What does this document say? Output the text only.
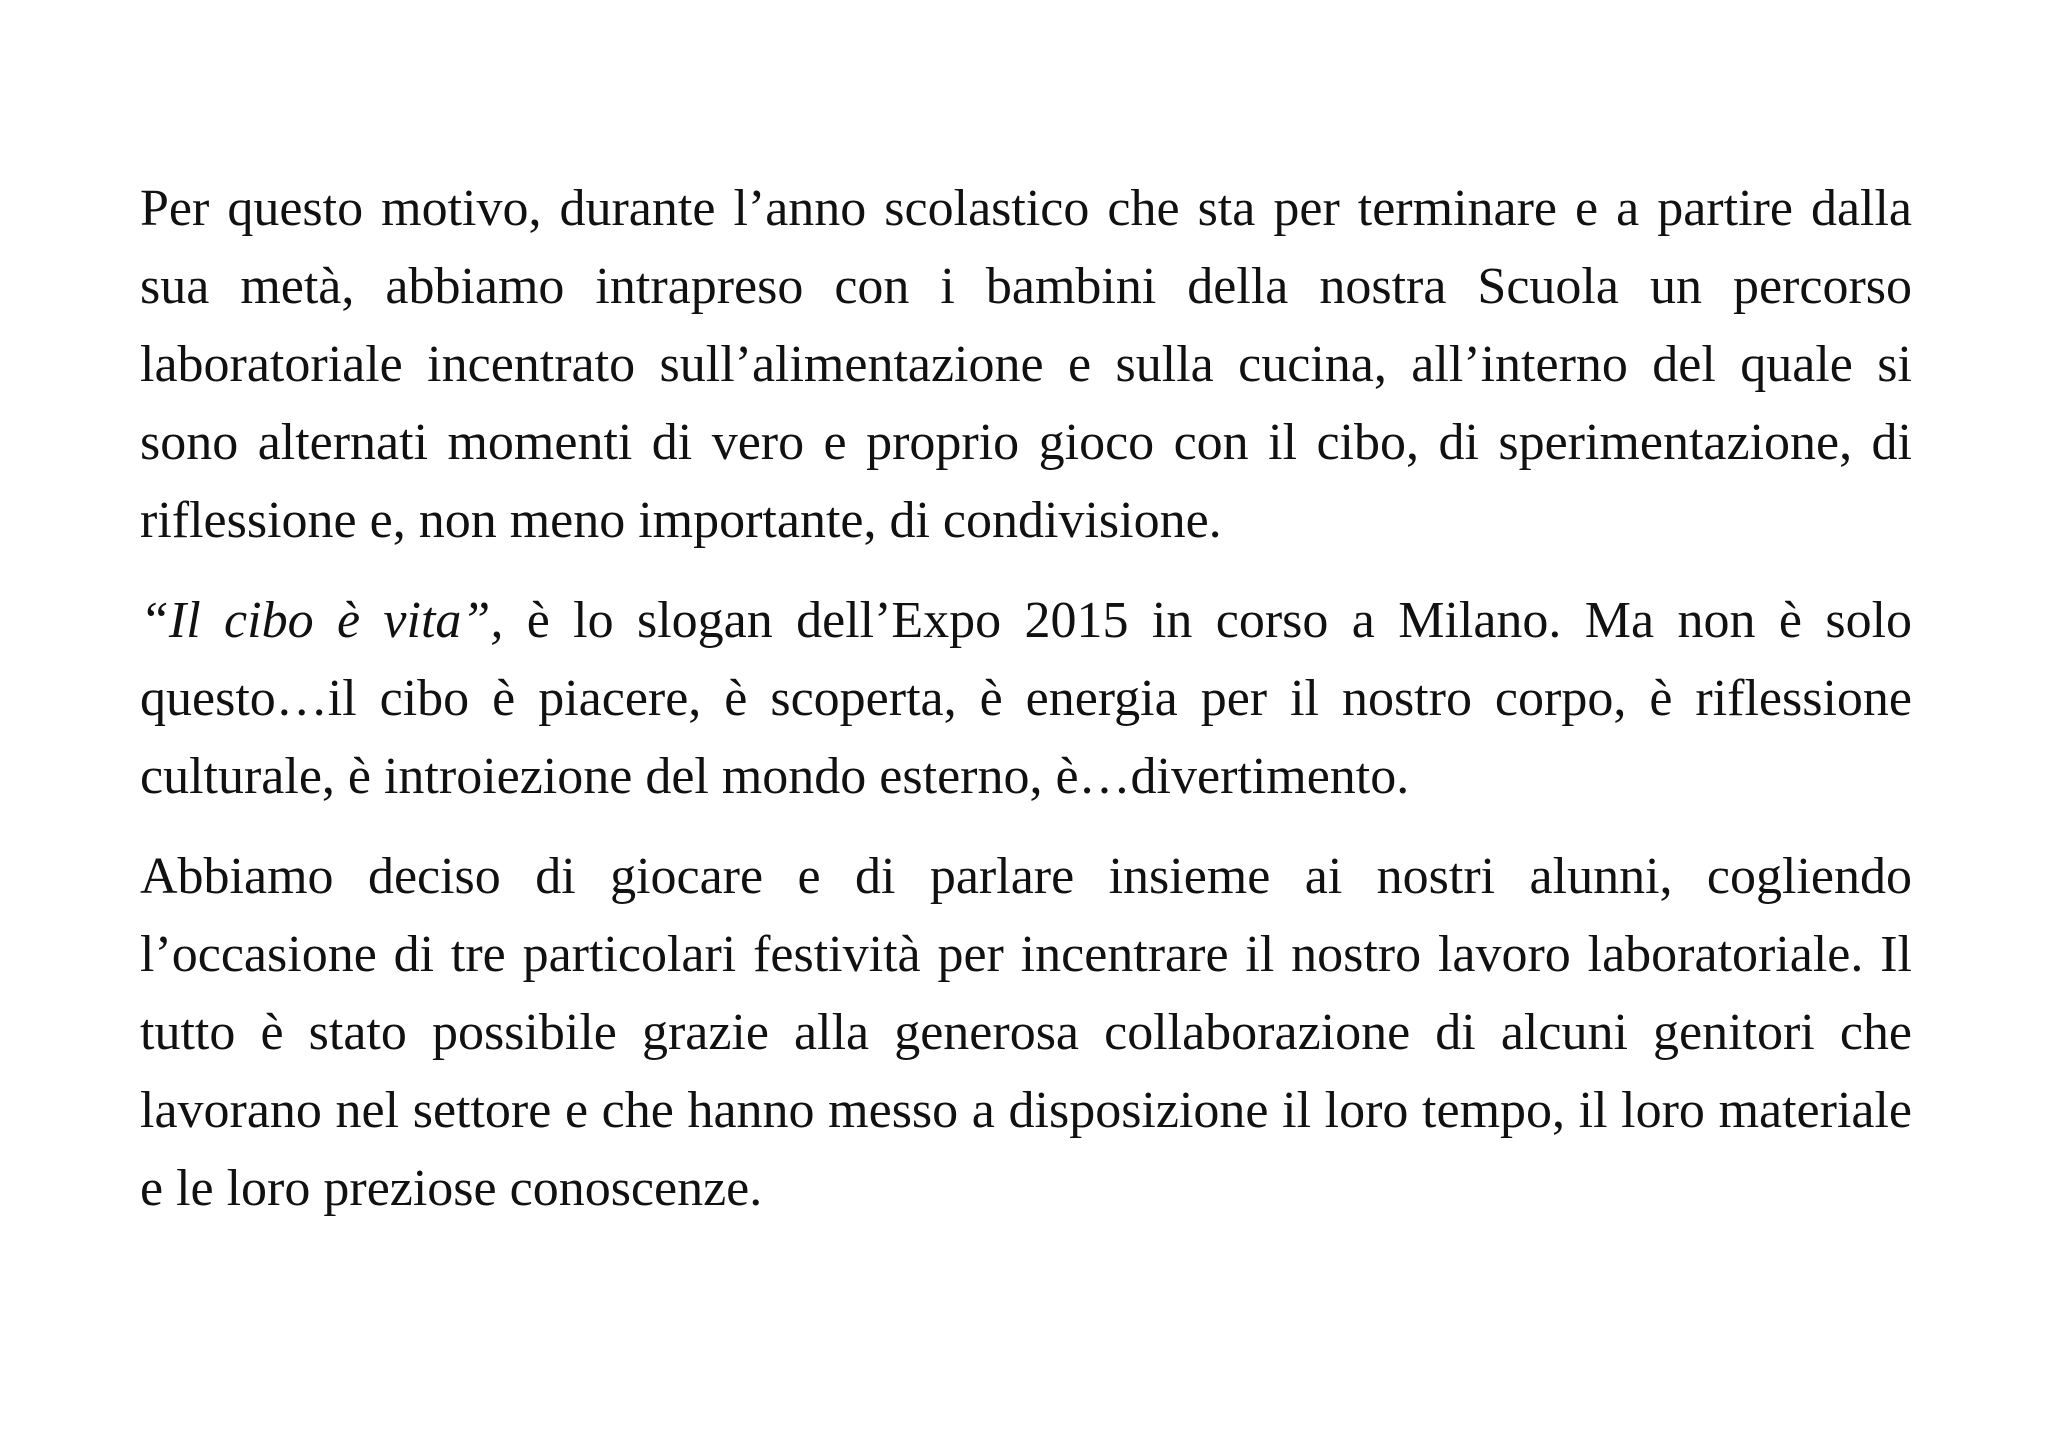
Per questo motivo, durante l’anno scolastico che sta per terminare e a partire dalla sua metà, abbiamo intrapreso con i bambini della nostra Scuola un percorso laboratoriale incentrato sull’alimentazione e sulla cucina, all’interno del quale si sono alternati momenti di vero e proprio gioco con il cibo, di sperimentazione, di riflessione e, non meno importante, di condivisione.

“Il cibo è vita”, è lo slogan dell’Expo 2015 in corso a Milano. Ma non è solo questo…il cibo è piacere, è scoperta, è energia per il nostro corpo, è riflessione culturale, è introiezione del mondo esterno, è…divertimento.

Abbiamo deciso di giocare e di parlare insieme ai nostri alunni, cogliendo l’occasione di tre particolari festività per incentrare il nostro lavoro laboratoriale. Il tutto è stato possibile grazie alla generosa collaborazione di alcuni genitori che lavorano nel settore e che hanno messo a disposizione il loro tempo, il loro materiale e le loro preziose conoscenze.
